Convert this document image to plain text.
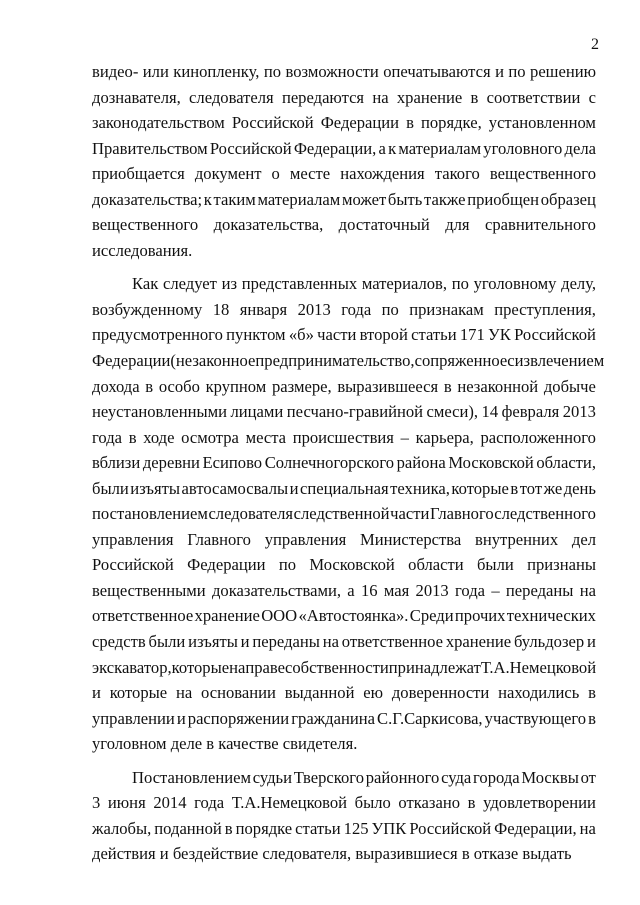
2

видео- или кинопленку, по возможности опечатываются и по решению
дознавателя, следователя передаются на хранение в соответствии с
законодательством Российской Федерации в порядке, установленном
Правительством Российской Федерации, а к материалам уголовного дела
приобщается документ о месте нахождения такого вещественного
доказательства; к таким материалам может быть также приобщен образец
вещественного доказательства, достаточный для сравнительного
исследования.

Как следует из представленных материалов, по уголовному делу,
возбужденному 18 января 2013 года по признакам преступления,
предусмотренного пунктом «б» части второй статьи 171 УК Российской
Федерации (незаконное предпринимательство, сопряженное с извлечением
дохода в особо крупном размере, выразившееся в незаконной добыче
неустановленными лицами песчано-гравийной смеси), 14 февраля 2013
года в ходе осмотра места происшествия – карьера, расположенного
вблизи деревни Есипово Солнечногорского района Московской области,
были изъяты автосамосвалы и специальная техника, которые в тот же день
постановлением следователя следственной части Главного следственного
управления Главного управления Министерства внутренних дел
Российской Федерации по Московской области были признаны
вещественными доказательствами, а 16 мая 2013 года – переданы на
ответственное хранение ООО «Автостоянка». Среди прочих технических
средств были изъяты и переданы на ответственное хранение бульдозер и
экскаватор, которые на праве собственности принадлежат Т.А.Немецковой
и которые на основании выданной ею доверенности находились в
управлении и распоряжении гражданина С.Г.Саркисова, участвующего в
уголовном деле в качестве свидетеля.

Постановлением судьи Тверского районного суда города Москвы от
3 июня 2014 года Т.А.Немецковой было отказано в удовлетворении
жалобы, поданной в порядке статьи 125 УПК Российской Федерации, на
действия и бездействие следователя, выразившиеся в отказе выдать
